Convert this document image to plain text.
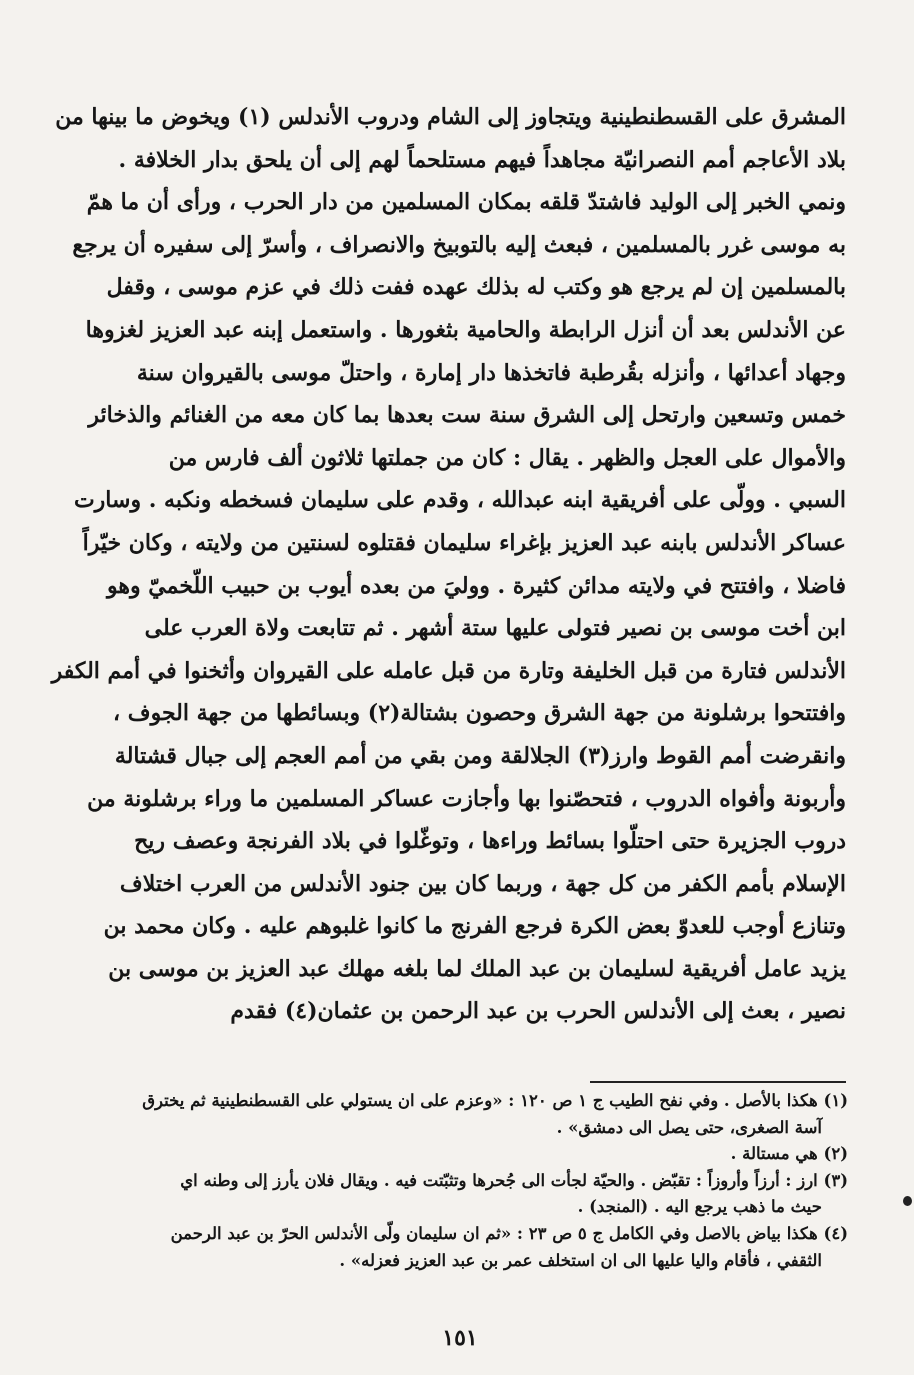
المشرق على القسطنطينية ويتجاوز إلى الشام ودروب الأندلس (١) ويخوض ما بينها من
بلاد الأعاجم أمم النصرانيّة مجاهداً فيهم مستلحماً لهم إلى أن يلحق بدار الخلافة .
ونمي الخبر إلى الوليد فاشتدّ قلقه بمكان المسلمين من دار الحرب ، ورأى أن ما همّ
به موسى غرر بالمسلمين ، فبعث إليه بالتوبيخ والانصراف ، وأسرّ إلى سفيره أن يرجع
بالمسلمين إن لم يرجع هو وكتب له بذلك عهده ففت ذلك في عزم موسى ، وقفل
عن الأندلس بعد أن أنزل الرابطة والحامية بثغورها . واستعمل إبنه عبد العزيز لغزوها
وجهاد أعدائها ، وأنزله بقُرطبة فاتخذها دار إمارة ، واحتلّ موسى بالقيروان سنة
خمس وتسعين وارتحل إلى الشرق سنة ست بعدها بما كان معه من الغنائم والذخائر
والأموال على العجل والظهر . يقال : كان من جملتها ثلاثون ألف فارس من
السبي . وولّى على أفريقية ابنه عبدالله ، وقدم على سليمان فسخطه ونكبه . وسارت
عساكر الأندلس بابنه عبد العزيز بإغراء سليمان فقتلوه لسنتين من ولايته ، وكان خيّراً
فاضلا ، وافتتح في ولايته مدائن كثيرة . ووليَ من بعده أيوب بن حبيب اللّخميّ وهو
ابن أخت موسى بن نصير فتولى عليها ستة أشهر . ثم تتابعت ولاة العرب على
الأندلس فتارة من قبل الخليفة وتارة من قبل عامله على القيروان وأثخنوا في أمم الكفر
وافتتحوا برشلونة من جهة الشرق وحصون بشتالة(٢) وبسائطها من جهة الجوف ،
وانقرضت أمم القوط وارز(٣) الجلالقة ومن بقي من أمم العجم إلى جبال قشتالة
وأربونة وأفواه الدروب ، فتحصّنوا بها وأجازت عساكر المسلمين ما وراء برشلونة من
دروب الجزيرة حتى احتلّوا بسائط وراءها ، وتوغّلوا في بلاد الفرنجة وعصف ريح
الإسلام بأمم الكفر من كل جهة ، وربما كان بين جنود الأندلس من العرب اختلاف
وتنازع أوجب للعدوّ بعض الكرة فرجع الفرنج ما كانوا غلبوهم عليه . وكان محمد بن
يزيد عامل أفريقية لسليمان بن عبد الملك لما بلغه مهلك عبد العزيز بن موسى بن
نصير ، بعث إلى الأندلس الحرب بن عبد الرحمن بن عثمان(٤) فقدم
(١) هكذا بالأصل . وفي نفح الطيب ج ١ ص ١٢٠ : «وعزم على ان يستولي على القسطنطينية ثم يخترق
آسة الصغرى، حتى يصل الى دمشق» .
(٢) هي مستالة .
(٣) ارز : أرزاً وأروزاً : تقبّض . والحيّة لجأت الى جُحرها وتثبّتت فيه . ويقال فلان يأرز إلى وطنه اي
حيث ما ذهب يرجع اليه . (المنجد) .
(٤) هكذا بياض بالاصل وفي الكامل ج ٥ ص ٢٣ : «ثم ان سليمان ولّى الأندلس الحرّ بن عبد الرحمن
الثقفي ، فأقام واليا عليها الى ان استخلف عمر بن عبد العزيز فعزله» .
١٥١
